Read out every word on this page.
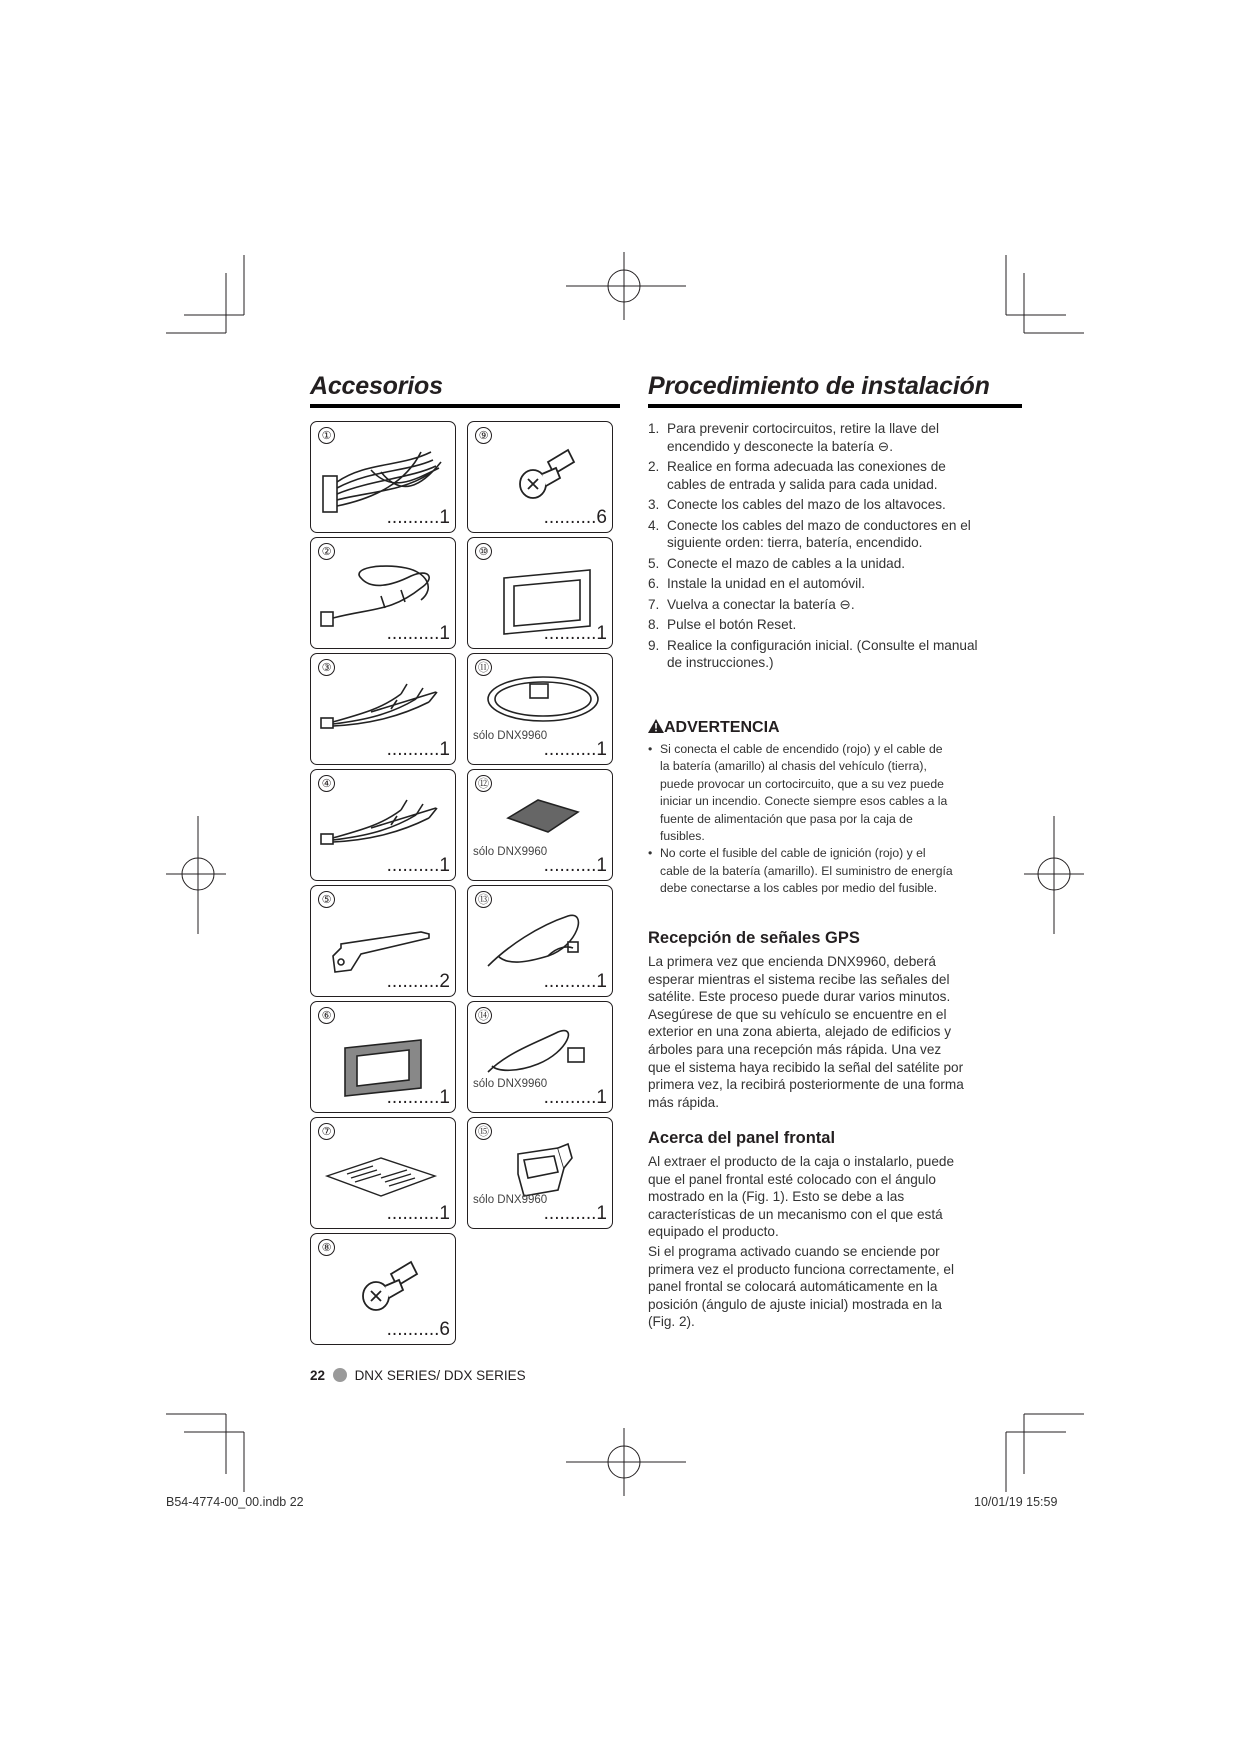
Accesorios	Procedimiento de instalación
①
..........1
⑨
..........6
②
..........1
⑩
..........1
③
..........1
⑪
sólo DNX9960
..........1
④
..........1
⑫
sólo DNX9960
..........1
⑤
..........2
⑬
..........1
⑥
..........1
⑭
sólo DNX9960
..........1
⑦
..........1
⑮
sólo DNX9960
..........1
⑧
..........6
1. Para prevenir cortocircuitos, retire la llave del encendido y desconecte la batería ⊖.
2. Realice en forma adecuada las conexiones de cables de entrada y salida para cada unidad.
3. Conecte los cables del mazo de los altavoces.
4. Conecte los cables del mazo de conductores en el siguiente orden: tierra, batería, encendido.
5. Conecte el mazo de cables a la unidad.
6. Instale la unidad en el automóvil.
7. Vuelva a conectar la batería ⊖.
8. Pulse el botón Reset.
9. Realice la configuración inicial. (Consulte el manual de instrucciones.)
ADVERTENCIA
• Si conecta el cable de encendido (rojo) y el cable de la batería (amarillo) al chasis del vehículo (tierra), puede provocar un cortocircuito, que a su vez puede iniciar un incendio. Conecte siempre esos cables a la fuente de alimentación que pasa por la caja de fusibles.
• No corte el fusible del cable de ignición (rojo) y el cable de la batería (amarillo). El suministro de energía debe conectarse a los cables por medio del fusible.
Recepción de señales GPS

La primera vez que encienda DNX9960, deberá esperar mientras el sistema recibe las señales del satélite. Este proceso puede durar varios minutos. Asegúrese de que su vehículo se encuentre en el exterior en una zona abierta, alejado de edificios y árboles para una recepción más rápida. Una vez que el sistema haya recibido la señal del satélite por primera vez, la recibirá posteriormente de una forma más rápida.

Acerca del panel frontal

Al extraer el producto de la caja o instalarlo, puede que el panel frontal esté colocado con el ángulo mostrado en la (Fig. 1). Esto se debe a las características de un mecanismo con el que está equipado el producto.

Si el programa activado cuando se enciende por primera vez el producto funciona correctamente, el panel frontal se colocará automáticamente en la posición (ángulo de ajuste inicial) mostrada en la (Fig. 2).

22 DNX SERIES/ DDX SERIES
B54-4774-00_00.indb 22	10/01/19 15:59
